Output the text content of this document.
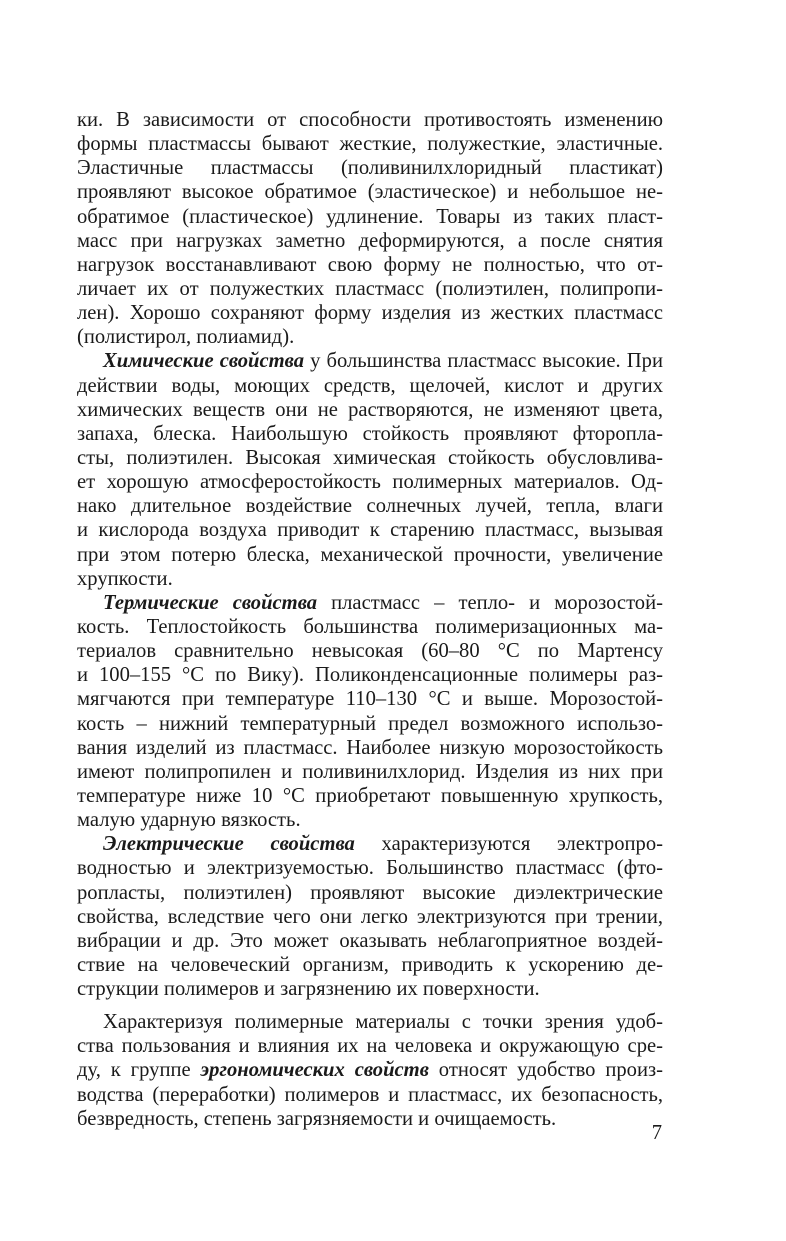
ки. В зависимости от способности противостоять изменению
формы пластмассы бывают жесткие, полужесткие, эластичные.
Эластичные пластмассы (поливинилхлоридный пластикат)
проявляют высокое обратимое (эластическое) и небольшое не-
обратимое (пластическое) удлинение. Товары из таких пласт-
масс при нагрузках заметно деформируются, а после снятия
нагрузок восстанавливают свою форму не полностью, что от-
личает их от полужестких пластмасс (полиэтилен, полипропи-
лен). Хорошо сохраняют форму изделия из жестких пластмасс
(полистирол, полиамид).
Химические свойства у большинства пластмасс высокие. При
действии воды, моющих средств, щелочей, кислот и других
химических веществ они не растворяются, не изменяют цвета,
запаха, блеска. Наибольшую стойкость проявляют фторопла-
сты, полиэтилен. Высокая химическая стойкость обусловлива-
ет хорошую атмосферостойкость полимерных материалов. Од-
нако длительное воздействие солнечных лучей, тепла, влаги
и кислорода воздуха приводит к старению пластмасс, вызывая
при этом потерю блеска, механической прочности, увеличение
хрупкости.
Термические свойства пластмасс – тепло- и морозостой-
кость. Теплостойкость большинства полимеризационных ма-
териалов сравнительно невысокая (60–80 °С по Мартенсу
и 100–155 °С по Вику). Поликонденсационные полимеры раз-
мягчаются при температуре 110–130 °С и выше. Морозостой-
кость – нижний температурный предел возможного использо-
вания изделий из пластмасс. Наиболее низкую морозостойкость
имеют полипропилен и поливинилхлорид. Изделия из них при
температуре ниже 10 °С приобретают повышенную хрупкость,
малую ударную вязкость.
Электрические свойства характеризуются электропро-
водностью и электризуемостью. Большинство пластмасс (фто-
ропласты, полиэтилен) проявляют высокие диэлектрические
свойства, вследствие чего они легко электризуются при трении,
вибрации и др. Это может оказывать неблагоприятное воздей-
ствие на человеческий организм, приводить к ускорению де-
струкции полимеров и загрязнению их поверхности.
Характеризуя полимерные материалы с точки зрения удоб-
ства пользования и влияния их на человека и окружающую сре-
ду, к группе эргономических свойств относят удобство произ-
водства (переработки) полимеров и пластмасс, их безопасность,
безвредность, степень загрязняемости и очищаемость.
7
